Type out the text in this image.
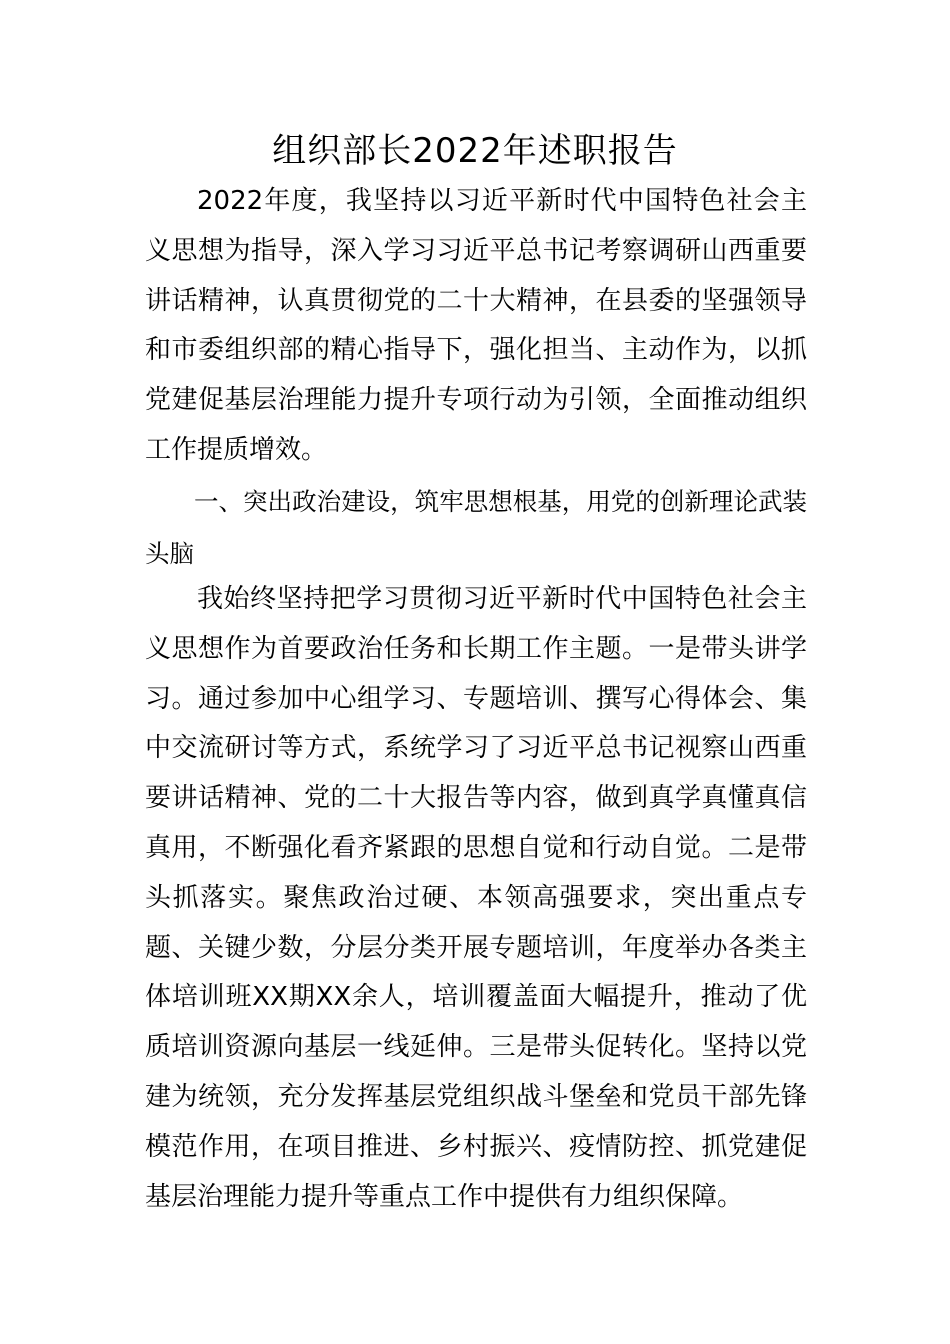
组织部长2022年述职报告

2022年度，我坚持以习近平新时代中国特色社会主义思想为指导，深入学习习近平总书记考察调研山西重要讲话精神，认真贯彻党的二十大精神，在县委的坚强领导和市委组织部的精心指导下，强化担当、主动作为，以抓党建促基层治理能力提升专项行动为引领，全面推动组织工作提质增效。

一、突出政治建设，筑牢思想根基，用党的创新理论武装头脑

我始终坚持把学习贯彻习近平新时代中国特色社会主义思想作为首要政治任务和长期工作主题。一是带头讲学习。通过参加中心组学习、专题培训、撰写心得体会、集中交流研讨等方式，系统学习了习近平总书记视察山西重要讲话精神、党的二十大报告等内容，做到真学真懂真信真用，不断强化看齐紧跟的思想自觉和行动自觉。二是带头抓落实。聚焦政治过硬、本领高强要求，突出重点专题、关键少数，分层分类开展专题培训，年度举办各类主体培训班XX期XX余人，培训覆盖面大幅提升，推动了优质培训资源向基层一线延伸。三是带头促转化。坚持以党建为统领，充分发挥基层党组织战斗堡垒和党员干部先锋模范作用，在项目推进、乡村振兴、疫情防控、抓党建促基层治理能力提升等重点工作中提供有力组织保障。
